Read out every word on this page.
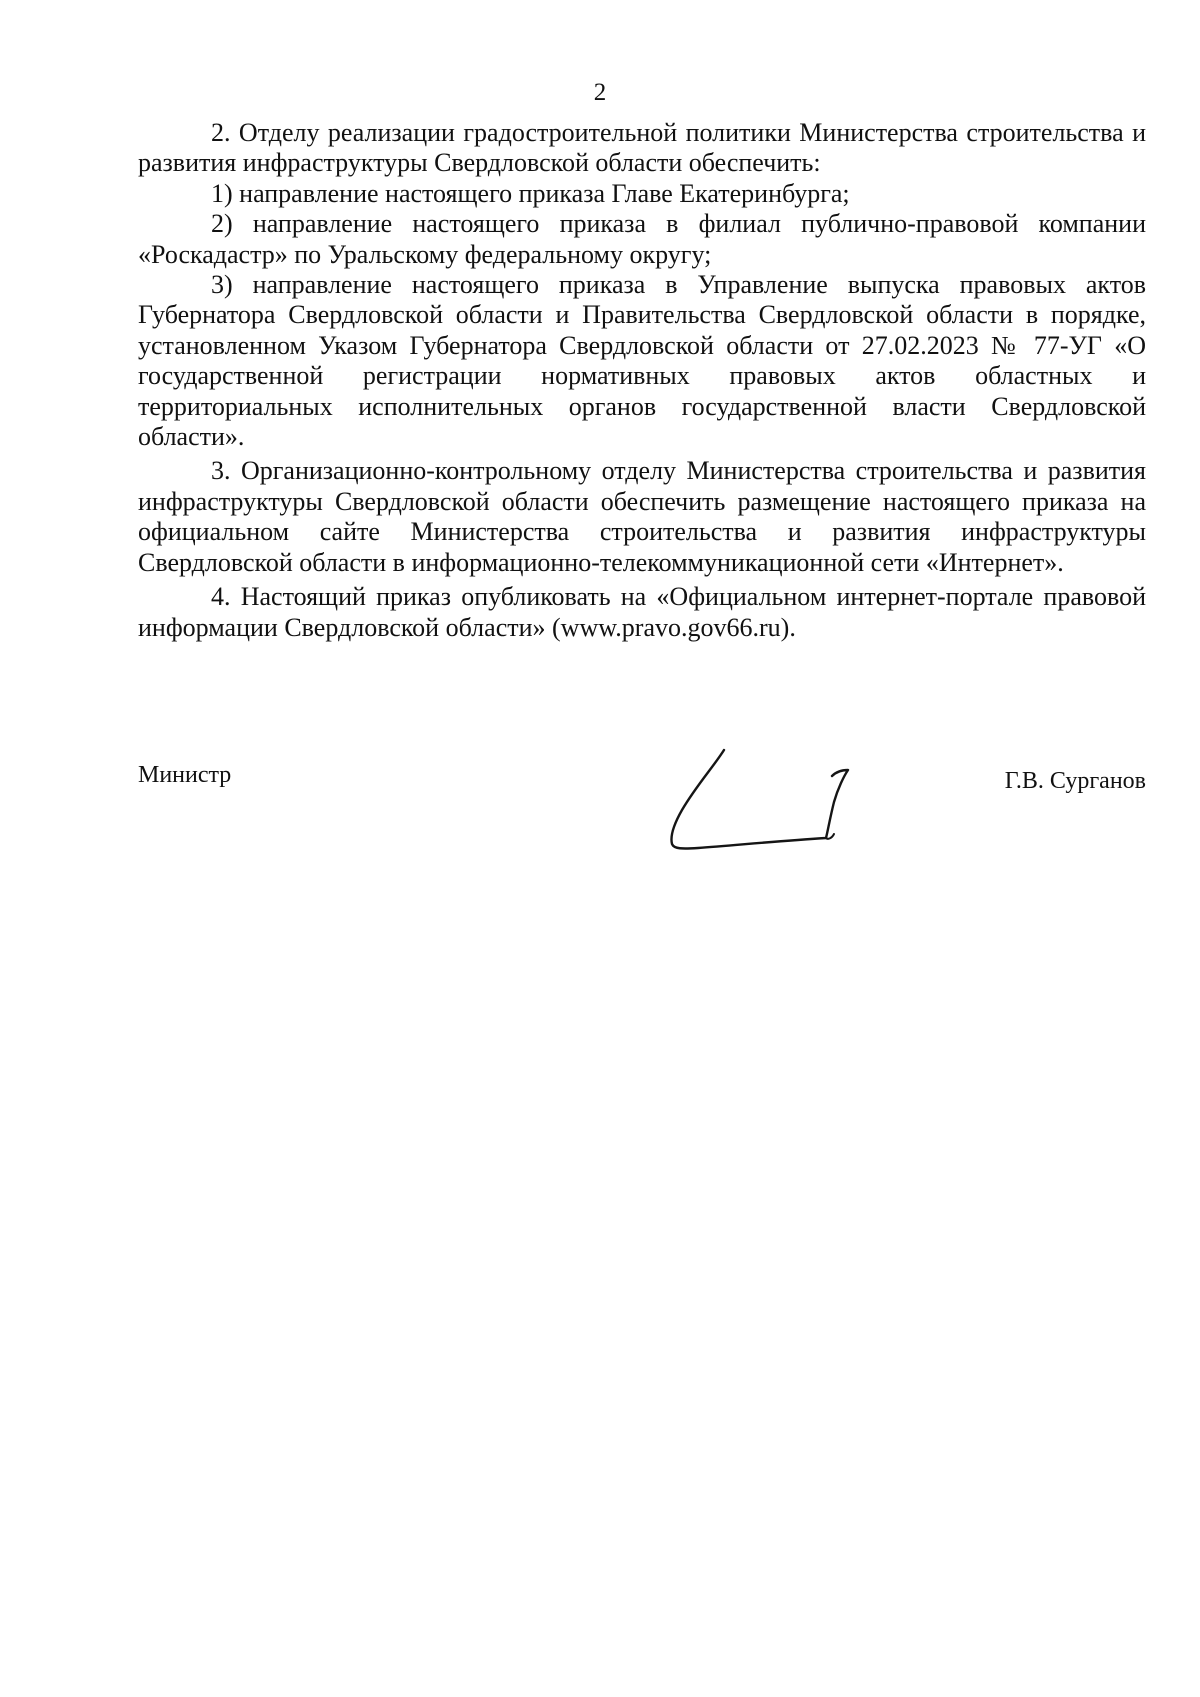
2

2. Отделу реализации градостроительной политики Министерства строительства и развития инфраструктуры Свердловской области обеспечить:

1) направление настоящего приказа Главе Екатеринбурга;

2) направление настоящего приказа в филиал публично-правовой компании «Роскадастр» по Уральскому федеральному округу;

3) направление настоящего приказа в Управление выпуска правовых актов Губернатора Свердловской области и Правительства Свердловской области в порядке, установленном Указом Губернатора Свердловской области от 27.02.2023 № 77-УГ «О государственной регистрации нормативных правовых актов областных и территориальных исполнительных органов государственной власти Свердловской области».

3. Организационно-контрольному отделу Министерства строительства и развития инфраструктуры Свердловской области обеспечить размещение настоящего приказа на официальном сайте Министерства строительства и развития инфраструктуры Свердловской области в информационно-телекоммуникационной сети «Интернет».

4. Настоящий приказ опубликовать на «Официальном интернет-портале правовой информации Свердловской области» (www.pravo.gov66.ru).

Министр	Г.В. Сурганов
